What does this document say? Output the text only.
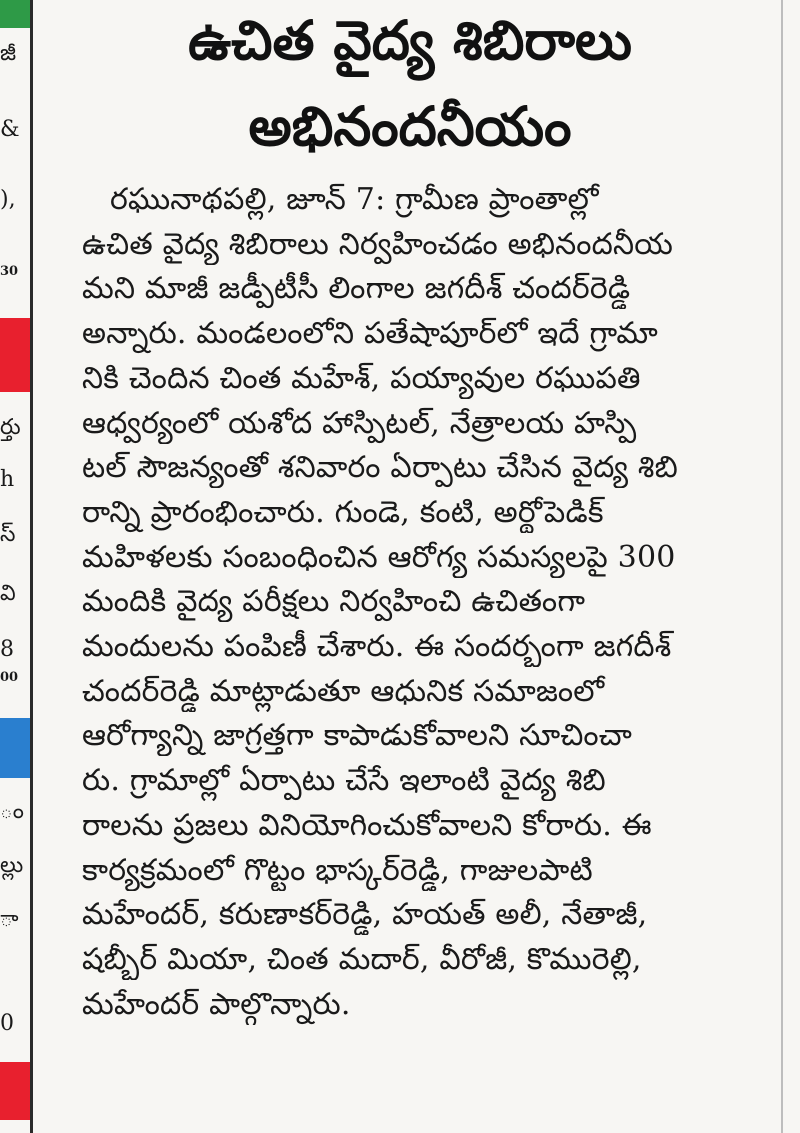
జీ
&
),
30
ర్తు
h
స్
వి
8
00
ం
ల్లు
ా
0
ఉచిత వైద్య శిబిరాలు
అభినందనీయం
రఘునాథపల్లి, జూన్ 7: గ్రామీణ ప్రాంతాల్లో
ఉచిత వైద్య శిబిరాలు నిర్వహించడం అభినందనీయ
మని మాజీ జడ్పీటీసీ లింగాల జగదీశ్ చందర్‌రెడ్డి
అన్నారు. మండలంలోని పతేషాపూర్‌లో ఇదే గ్రామా
నికి చెందిన చింత మహేశ్, పయ్యావుల రఘుపతి
ఆధ్వర్యంలో యశోద హాస్పిటల్, నేత్రాలయ హస్పి
టల్ సౌజన్యంతో శనివారం ఏర్పాటు చేసిన వైద్య శిబి
రాన్ని ప్రారంభించారు. గుండె, కంటి, అర్థోపెడిక్
మహిళలకు సంబంధించిన ఆరోగ్య సమస్యలపై 300
మందికి వైద్య పరీక్షలు నిర్వహించి ఉచితంగా
మందులను పంపిణీ చేశారు. ఈ సందర్భంగా జగదీశ్
చందర్‌రెడ్డి మాట్లాడుతూ ఆధునిక సమాజంలో
ఆరోగ్యాన్ని జాగ్రత్తగా కాపాడుకోవాలని సూచించా
రు. గ్రామాల్లో ఏర్పాటు చేసే ఇలాంటి వైద్య శిబి
రాలను ప్రజలు వినియోగించుకోవాలని కోరారు. ఈ
కార్యక్రమంలో గొట్టం భాస్కర్‌రెడ్డి, గాజులపాటి
మహేందర్, కరుణాకర్‌రెడ్డి, హయత్ అలీ, నేతాజీ,
షబ్బీర్ మియా, చింత మదార్, వీరోజీ, కొమురెల్లి,
మహేందర్ పాల్గొన్నారు.
